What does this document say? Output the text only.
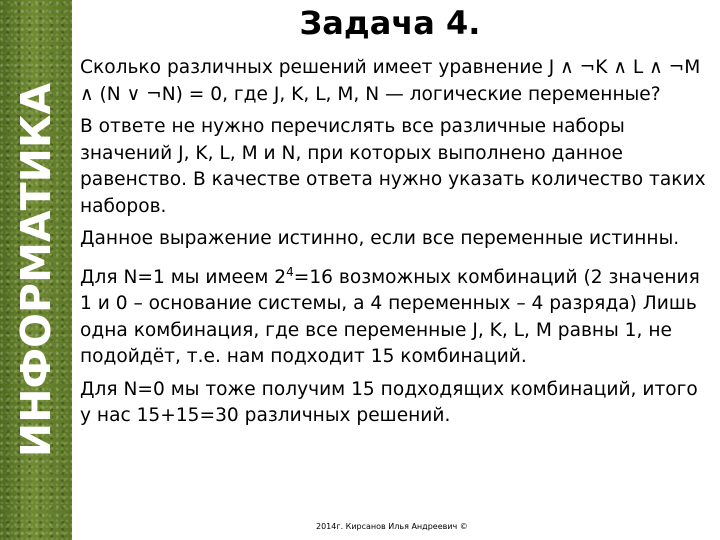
ИНФОРМАТИКА
Задача 4.

Сколько различных решений имеет уравнение J ∧ ¬K ∧ L ∧ ¬M ∧ (N ∨ ¬N) = 0, где J, K, L, M, N — логические переменные?

В ответе не нужно перечислять все различные наборы значений J, K, L, M и N, при которых выполнено данное равенство. В качестве ответа нужно указать количество таких наборов.

Данное выражение истинно, если все переменные истинны.

Для N=1 мы имеем $2^4=16$ возможных комбинаций (2 значения 1 и 0 – основание системы, а 4 переменных – 4 разряда) Лишь одна комбинация, где все переменные J, K, L, M равны 1, не подойдёт, т.е. нам подходит 15 комбинаций.

Для N=0 мы тоже получим 15 подходящих комбинаций, итого у нас 15+15=30 различных решений.

2014г. Кирсанов Илья Андреевич ©
